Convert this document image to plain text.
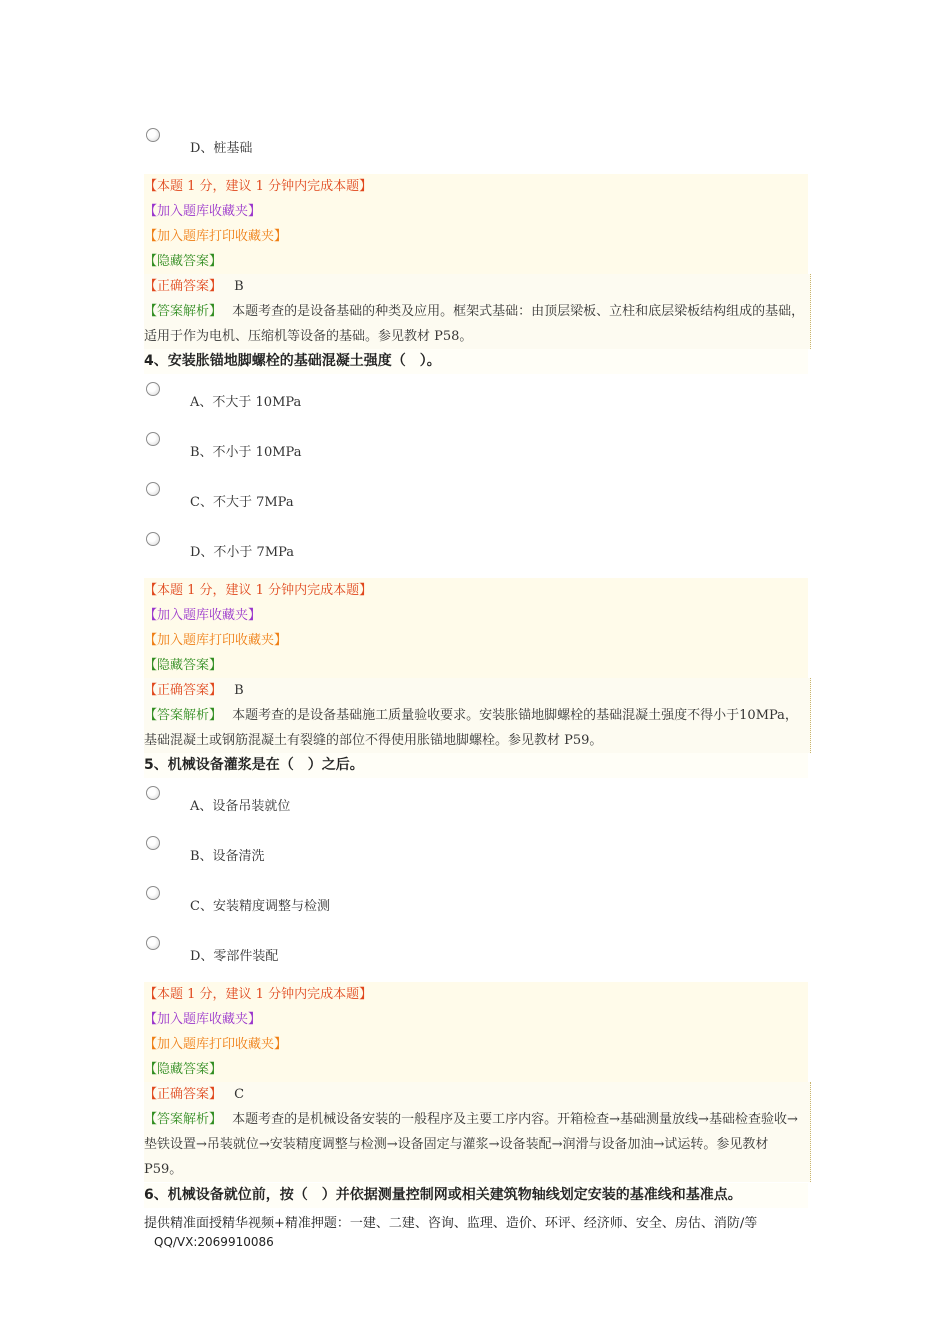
D、桩基础
【本题 1 分，建议 1 分钟内完成本题】
【加入题库收藏夹】
【加入题库打印收藏夹】
【隐藏答案】
【正确答案】 B
【答案解析】 本题考查的是设备基础的种类及应用。框架式基础：由顶层梁板、立柱和底层梁板结构组成的基础，适用于作为电机、压缩机等设备的基础。参见教材 P58。
4、安装胀锚地脚螺栓的基础混凝土强度（　）。
A、不大于 10MPa
B、不小于 10MPa
C、不大于 7MPa
D、不小于 7MPa
【本题 1 分，建议 1 分钟内完成本题】
【加入题库收藏夹】
【加入题库打印收藏夹】
【隐藏答案】
【正确答案】 B
【答案解析】 本题考查的是设备基础施工质量验收要求。安装胀锚地脚螺栓的基础混凝土强度不得小于10MPa，基础混凝土或钢筋混凝土有裂缝的部位不得使用胀锚地脚螺栓。参见教材 P59。
5、机械设备灌浆是在（　）之后。
A、设备吊装就位
B、设备清洗
C、安装精度调整与检测
D、零部件装配
【本题 1 分，建议 1 分钟内完成本题】
【加入题库收藏夹】
【加入题库打印收藏夹】
【隐藏答案】
【正确答案】 C
【答案解析】 本题考查的是机械设备安装的一般程序及主要工序内容。开箱检查→基础测量放线→基础检查验收→垫铁设置→吊装就位→安装精度调整与检测→设备固定与灌浆→设备装配→润滑与设备加油→试运转。参见教材 P59。
6、机械设备就位前，按（　）并依据测量控制网或相关建筑物轴线划定安装的基准线和基准点。
提供精准面授精华视频+精准押题：一建、二建、咨询、监理、造价、环评、经济师、安全、房估、消防/等 QQ/VX:2069910086
